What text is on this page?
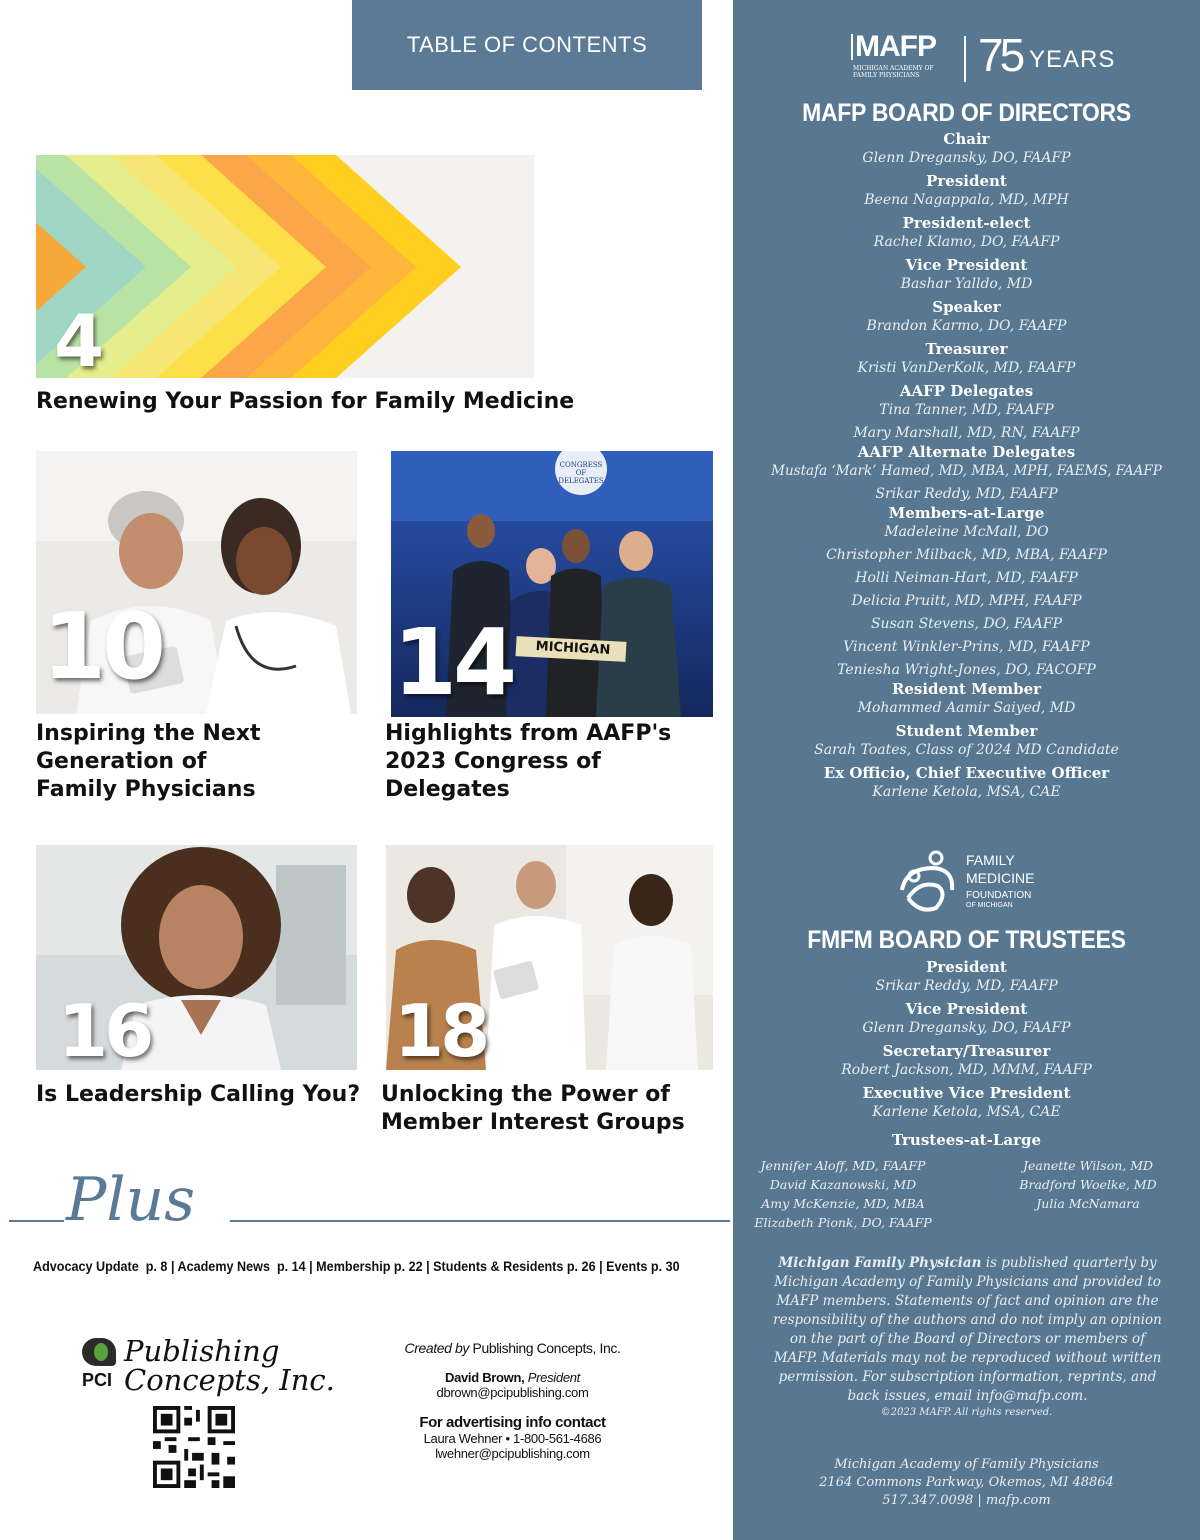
TABLE OF CONTENTS
4
Renewing Your Passion for Family Medicine
10
Inspiring the Next
Generation of
Family Physicians
CONGRESS OF DELEGATES
MICHIGAN
14
Highlights from AAFP's
2023 Congress of
Delegates
16
Is Leadership Calling You?
18
Unlocking the Power of
Member Interest Groups
Plus
Advocacy Update  p. 8 | Academy News  p. 14 | Membership p. 22 | Students & Residents p. 26 | Events p. 30
PCI
Publishing
Concepts, Inc.
Created by Publishing Concepts, Inc.
David Brown, President
dbrown@pcipublishing.com
For advertising info contact
Laura Wehner • 1-800-561-4686
lwehner@pcipublishing.com
MAFP
MICHIGAN ACADEMY OF FAMILY PHYSICIANS	75 YEARS
MAFP BOARD OF DIRECTORS
Chair
Glenn Dregansky, DO, FAAFP
President
Beena Nagappala, MD, MPH
President-elect
Rachel Klamo, DO, FAAFP
Vice President
Bashar Yalldo, MD
Speaker
Brandon Karmo, DO, FAAFP
Treasurer
Kristi VanDerKolk, MD, FAAFP
AAFP Delegates
Tina Tanner, MD, FAAFP
Mary Marshall, MD, RN, FAAFP
AAFP Alternate Delegates
Mustafa ‘Mark’ Hamed, MD, MBA, MPH, FAEMS, FAAFP
Srikar Reddy, MD, FAAFP
Members-at-Large
Madeleine McMall, DO
Christopher Milback, MD, MBA, FAAFP
Holli Neiman-Hart, MD, FAAFP
Delicia Pruitt, MD, MPH, FAAFP
Susan Stevens, DO, FAAFP
Vincent Winkler-Prins, MD, FAAFP
Teniesha Wright-Jones, DO, FACOFP
Resident Member
Mohammed Aamir Saiyed, MD
Student Member
Sarah Toates, Class of 2024 MD Candidate
Ex Officio, Chief Executive Officer
Karlene Ketola, MSA, CAE
FAMILY
MEDICINE
FOUNDATION
OF MICHIGAN
FMFM BOARD OF TRUSTEES
President
Srikar Reddy, MD, FAAFP
Vice President
Glenn Dregansky, DO, FAAFP
Secretary/Treasurer
Robert Jackson, MD, MMM, FAAFP
Executive Vice President
Karlene Ketola, MSA, CAE
Trustees-at-Large
Jennifer Aloff, MD, FAAFP
David Kazanowski, MD
Amy McKenzie, MD, MBA
Elizabeth Pionk, DO, FAAFP
Jeanette Wilson, MD
Bradford Woelke, MD
Julia McNamara
Michigan Family Physician is published quarterly by Michigan Academy of Family Physicians and provided to MAFP members. Statements of fact and opinion are the responsibility of the authors and do not imply an opinion on the part of the Board of Directors or members of MAFP. Materials may not be reproduced without written permission. For subscription information, reprints, and back issues, email info@mafp.com.
©2023 MAFP. All rights reserved.
Michigan Academy of Family Physicians
2164 Commons Parkway, Okemos, MI 48864
517.347.0098 | mafp.com
